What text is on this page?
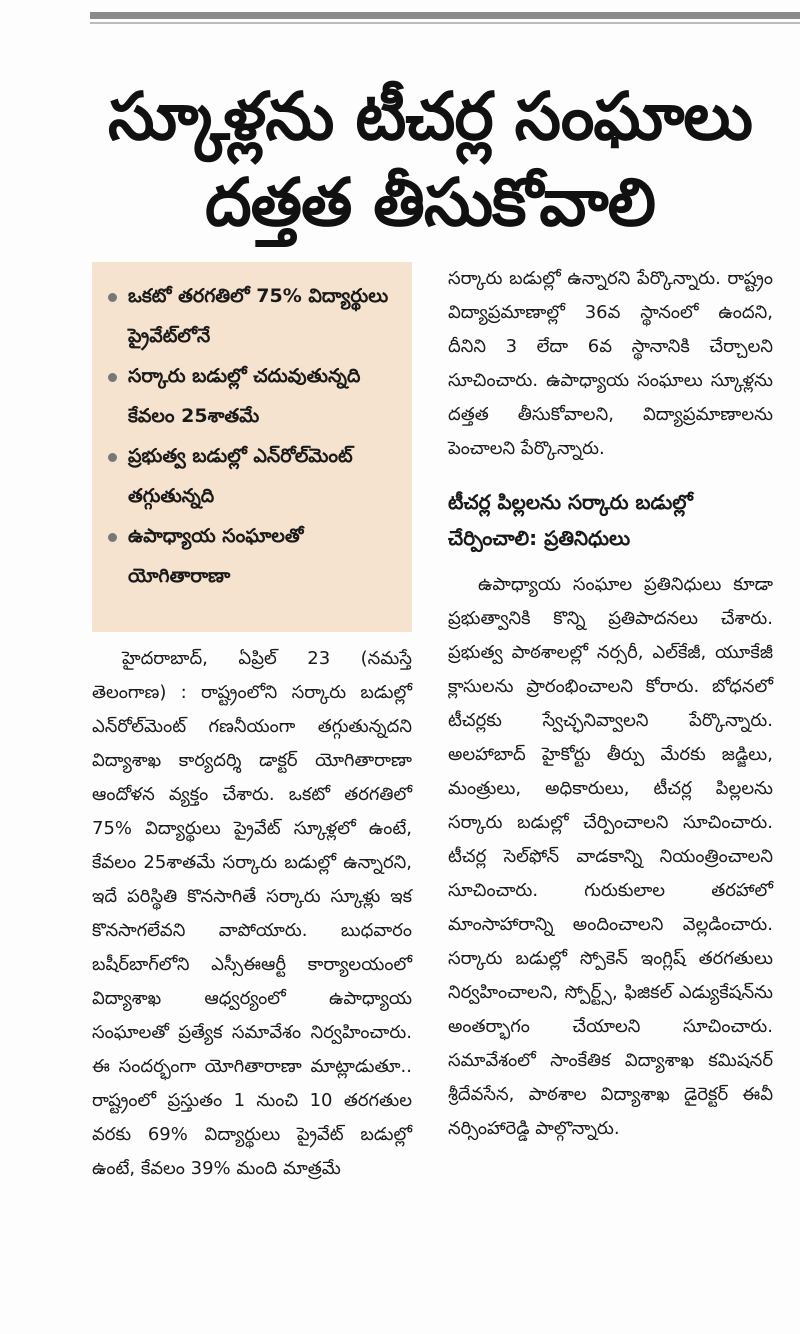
స్కూళ్లను టీచర్ల సంఘాలు
దత్తత తీసుకోవాలి
ఒకటో తరగతిలో 75% విద్యార్థులు ప్రైవేట్‌లోనే
సర్కారు బడుల్లో చదువుతున్నది కేవలం 25శాతమే
ప్రభుత్వ బడుల్లో ఎన్‌రోల్‌మెంట్ తగ్గుతున్నది
ఉపాధ్యాయ సంఘాలతో యోగితారాణా

హైదరాబాద్, ఏప్రిల్ 23 (నమస్తే తెలంగాణ) : రాష్ట్రంలోని సర్కారు బడుల్లో ఎన్‌రోల్‌మెంట్ గణనీయంగా తగ్గుతున్నదని విద్యాశాఖ కార్యదర్శి డాక్టర్ యోగితారాణా ఆందోళన వ్యక్తం చేశారు. ఒకటో తరగతిలో 75% విద్యార్థులు ప్రైవేట్ స్కూళ్లలో ఉంటే, కేవలం 25శాతమే సర్కారు బడుల్లో ఉన్నారని, ఇదే పరిస్థితి కొనసాగితే సర్కారు స్కూళ్లు ఇక కొనసాగలేవని వాపోయారు. బుధవారం బషీర్‌బాగ్‌లోని ఎస్సీఈఆర్టీ కార్యాలయంలో విద్యాశాఖ ఆధ్వర్యంలో ఉపాధ్యాయ సంఘాలతో ప్రత్యేక సమావేశం నిర్వహించారు. ఈ సందర్భంగా యోగితారాణా మాట్లాడుతూ.. రాష్ట్రంలో ప్రస్తుతం 1 నుంచి 10 తరగతుల వరకు 69% విద్యార్థులు ప్రైవేట్ బడుల్లో ఉంటే, కేవలం 39% మంది మాత్రమే

సర్కారు బడుల్లో ఉన్నారని పేర్కొన్నారు. రాష్ట్రం విద్యాప్రమాణాల్లో 36వ స్థానంలో ఉందని, దీనిని 3 లేదా 6వ స్థానానికి చేర్చాలని సూచించారు. ఉపాధ్యాయ సంఘాలు స్కూళ్లను దత్తత తీసుకోవాలని, విద్యాప్రమాణాలను పెంచాలని పేర్కొన్నారు.

టీచర్ల పిల్లలను సర్కారు బడుల్లో చేర్పించాలి: ప్రతినిధులు

ఉపాధ్యాయ సంఘాల ప్రతినిధులు కూడా ప్రభుత్వానికి కొన్ని ప్రతిపాదనలు చేశారు. ప్రభుత్వ పాఠశాలల్లో నర్సరీ, ఎల్‌కేజీ, యూకేజీ క్లాసులను ప్రారంభించాలని కోరారు. బోధనలో టీచర్లకు స్వేచ్ఛనివ్వాలని పేర్కొన్నారు. అలహాబాద్ హైకోర్టు తీర్పు మేరకు జడ్జిలు, మంత్రులు, అధికారులు, టీచర్ల పిల్లలను సర్కారు బడుల్లో చేర్పించాలని సూచించారు. టీచర్ల సెల్‌ఫోన్ వాడకాన్ని నియంత్రించాలని సూచించారు. గురుకులాల తరహాలో మాంసాహారాన్ని అందించాలని వెల్లడించారు. సర్కారు బడుల్లో స్పోకెన్ ఇంగ్లిష్ తరగతులు నిర్వహించాలని, స్పోర్ట్స్, ఫిజికల్ ఎడ్యుకేషన్‌ను అంతర్భాగం చేయాలని సూచించారు. సమావేశంలో సాంకేతిక విద్యాశాఖ కమిషనర్ శ్రీదేవసేన, పాఠశాల విద్యాశాఖ డైరెక్టర్ ఈవీ నర్సింహారెడ్డి పాల్గొన్నారు.
